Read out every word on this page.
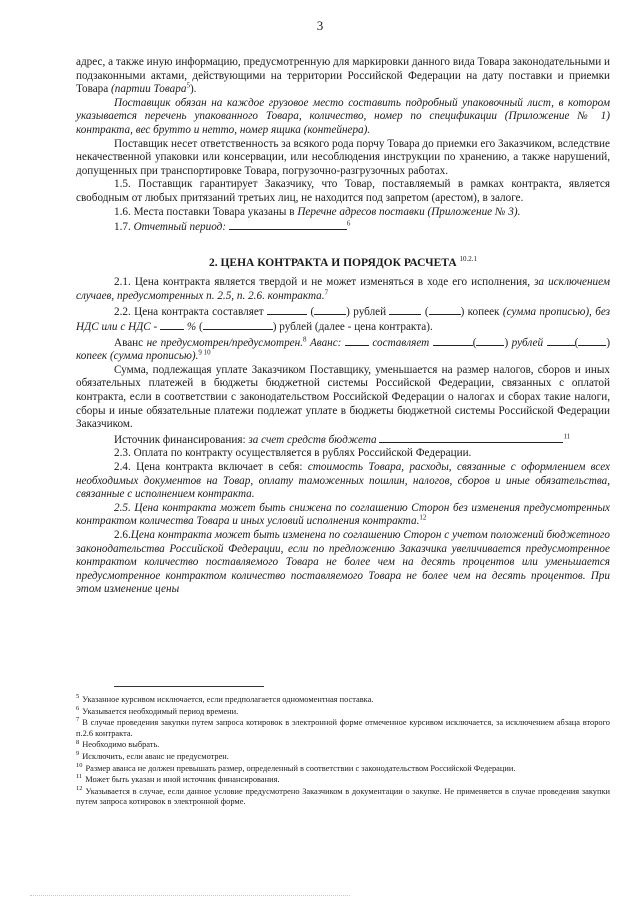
3

адрес, а также иную информацию, предусмотренную для маркировки данного вида Товара законодательными и подзаконными актами, действующими на территории Российской Федерации на дату поставки и приемки Товара (партии Товара$^5$).

Поставщик обязан на каждое грузовое место составить подробный упаковочный лист, в котором указывается перечень упакованного Товара, количество, номер по спецификации (Приложение № 1) контракта, вес брутто и нетто, номер ящика (контейнера).

Поставщик несет ответственность за всякого рода порчу Товара до приемки его Заказчиком, вследствие некачественной упаковки или консервации, или несоблюдения инструкции по хранению, а также нарушений, допущенных при транспортировке Товара, погрузочно-разгрузочных работах.

1.5. Поставщик гарантирует Заказчику, что Товар, поставляемый в рамках контракта, является свободным от любых притязаний третьих лиц, не находится под запретом (арестом), в залоге.

1.6. Места поставки Товара указаны в Перечне адресов поставки (Приложение № 3).

1.7. Отчетный период:	$^6$

2. ЦЕНА КОНТРАКТА И ПОРЯДОК РАСЧЕТА $^{10.2.1}$

2.1. Цена контракта является твердой и не может изменяться в ходе его исполнения, за исключением случаев, предусмотренных п. 2.5, п. 2.6. контракта.$^7$

2.2. Цена контракта составляет	(	) рублей	(	) копеек (сумма прописью), без НДС или с НДС -  % (	) рублей (далее - цена контракта).

Аванс не предусмотрен/предусмотрен.$^8$ Аванс:	составляет	(	) рублей	(	) копеек (сумма прописью).$^{9 10}$

Сумма, подлежащая уплате Заказчиком Поставщику, уменьшается на размер налогов, сборов и иных обязательных платежей в бюджеты бюджетной системы Российской Федерации, связанных с оплатой контракта, если в соответствии с законодательством Российской Федерации о налогах и сборах такие налоги, сборы и иные обязательные платежи подлежат уплате в бюджеты бюджетной системы Российской Федерации Заказчиком.

Источник финансирования: за счет средств бюджета	$^{11}$

2.3. Оплата по контракту осуществляется в рублях Российской Федерации.

2.4. Цена контракта включает в себя: стоимость Товара, расходы, связанные с оформлением всех необходимых документов на Товар, оплату таможенных пошлин, налогов, сборов и иные обязательства, связанные с исполнением контракта.

2.5. Цена контракта может быть снижена по соглашению Сторон без изменения предусмотренных контрактом количества Товара и иных условий исполнения контракта.$^{12}$

2.6.Цена контракта может быть изменена по соглашению Сторон с учетом положений бюджетного законодательства Российской Федерации, если по предложению Заказчика увеличивается предусмотренное контрактом количество поставляемого Товара не более чем на десять процентов или уменьшается предусмотренное контрактом количество поставляемого Товара не более чем на десять процентов. При этом изменение цены

$^5$ Указанное курсивом исключается, если предполагается одномоментная поставка.

$^6$ Указывается необходимый период времени.

$^7$ В случае проведения закупки путем запроса котировок в электронной форме отмеченное курсивом исключается, за исключением абзаца второго п.2.6 контракта.

$^8$ Необходимо выбрать.

$^9$ Исключить, если аванс не предусмотрен.

$^{10}$ Размер аванса не должен превышать размер, определенный в соответствии с законодательством Российской Федерации.

$^{11}$ Может быть указан и иной источник финансирования.

$^{12}$ Указывается в случае, если данное условие предусмотрено Заказчиком в документации о закупке. Не применяется в случае проведения закупки путем запроса котировок в электронной форме.
